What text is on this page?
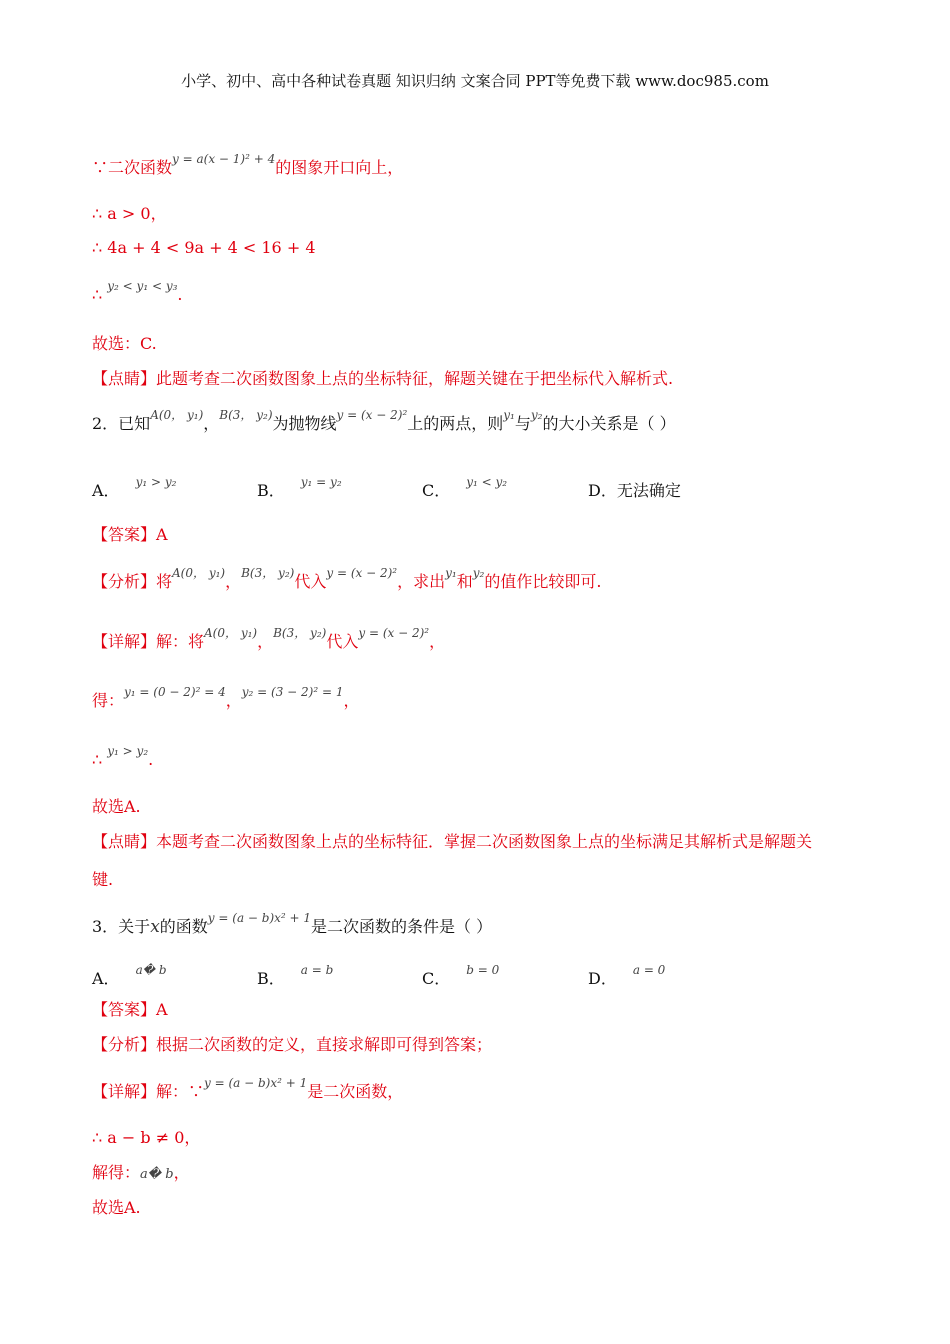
小学、初中、高中各种试卷真题 知识归纳 文案合同 PPT等免费下载 www.doc985.com
∵二次函数$^{y = a(x - 1)^2 + 4}$的图象开口向上，
∴ a > 0，
∴ 4a + 4 < 9a + 4 < 16 + 4
∴ $^{y_2 < y_1 < y_3}$.
故选：C.
【点睛】此题考查二次函数图象上点的坐标特征，解题关键在于把坐标代入解析式.
2．已知$^{A(0, y_1)}$，$^{B(3, y_2)}$为抛物线$^{y = (x - 2)^2}$上的两点，则$^{y_1}$与$^{y_2}$的大小关系是（ ）
A． $^{y_1 > y_2}$	B． $^{y_1 = y_2}$	C． $^{y_1 < y_2}$	D．无法确定
【答案】A
【分析】将$^{A(0, y_1)}$，$^{B(3, y_2)}$代入$^{y = (x - 2)^2}$，求出$^{y_1}$和$^{y_2}$的值作比较即可.
【详解】解：将$^{A(0, y_1)}$，$^{B(3, y_2)}$代入$^{y = (x - 2)^2}$，
得：$^{y_1 = (0 - 2)^2 = 4}$，$^{y_2 = (3 - 2)^2 = 1}$，
∴ $^{y_1 > y_2}$.
故选A.
【点睛】本题考查二次函数图象上点的坐标特征．掌握二次函数图象上点的坐标满足其解析式是解题关
键.
3．关于x的函数$^{y = (a - b)x^2 + 1}$是二次函数的条件是（ ）
A． $^{a� b}$	B． $^{a = b}$	C． $^{b = 0}$	D． $^{a = 0}$
【答案】A
【分析】根据二次函数的定义，直接求解即可得到答案；
【详解】解：∵$^{y = (a - b)x^2 + 1}$是二次函数，
∴ a − b ≠ 0，
解得：a� b，
故选A.
